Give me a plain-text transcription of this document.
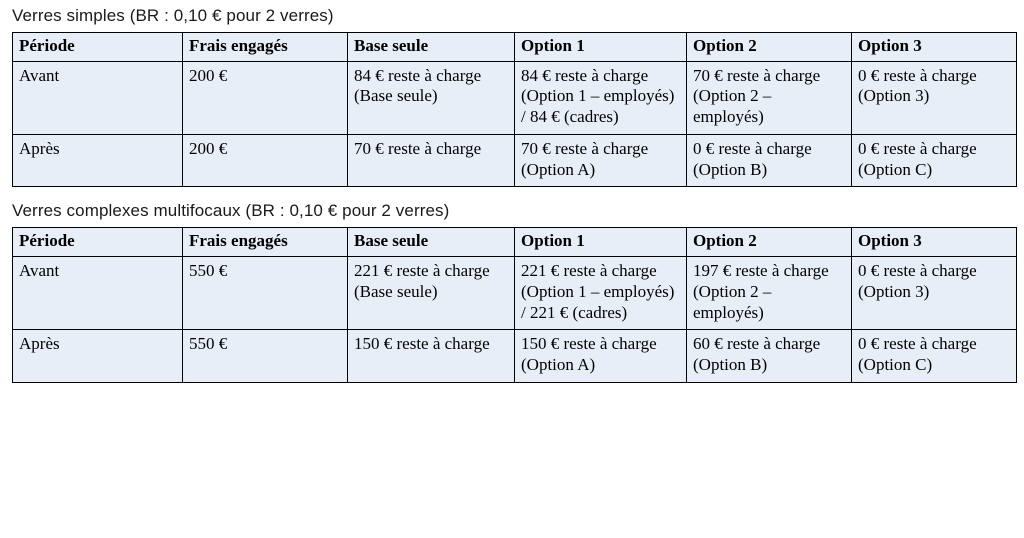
Verres simples (BR : 0,10 € pour 2 verres)
Période	Frais engagés	Base seule	Option 1	Option 2	Option 3
Avant	200 €	84 € reste à charge (Base seule)	84 € reste à charge (Option 1 – employés) / 84 € (cadres)	70 € reste à charge (Option 2 – employés)	0 € reste à charge (Option 3)
Après	200 €	70 € reste à charge	70 € reste à charge (Option A)	0 € reste à charge (Option B)	0 € reste à charge (Option C)
Verres complexes multifocaux (BR : 0,10 € pour 2 verres)
Période	Frais engagés	Base seule	Option 1	Option 2	Option 3
Avant	550 €	221 € reste à charge (Base seule)	221 € reste à charge (Option 1 – employés) / 221 € (cadres)	197 € reste à charge (Option 2 – employés)	0 € reste à charge (Option 3)
Après	550 €	150 € reste à charge	150 € reste à charge (Option A)	60 € reste à charge (Option B)	0 € reste à charge (Option C)
